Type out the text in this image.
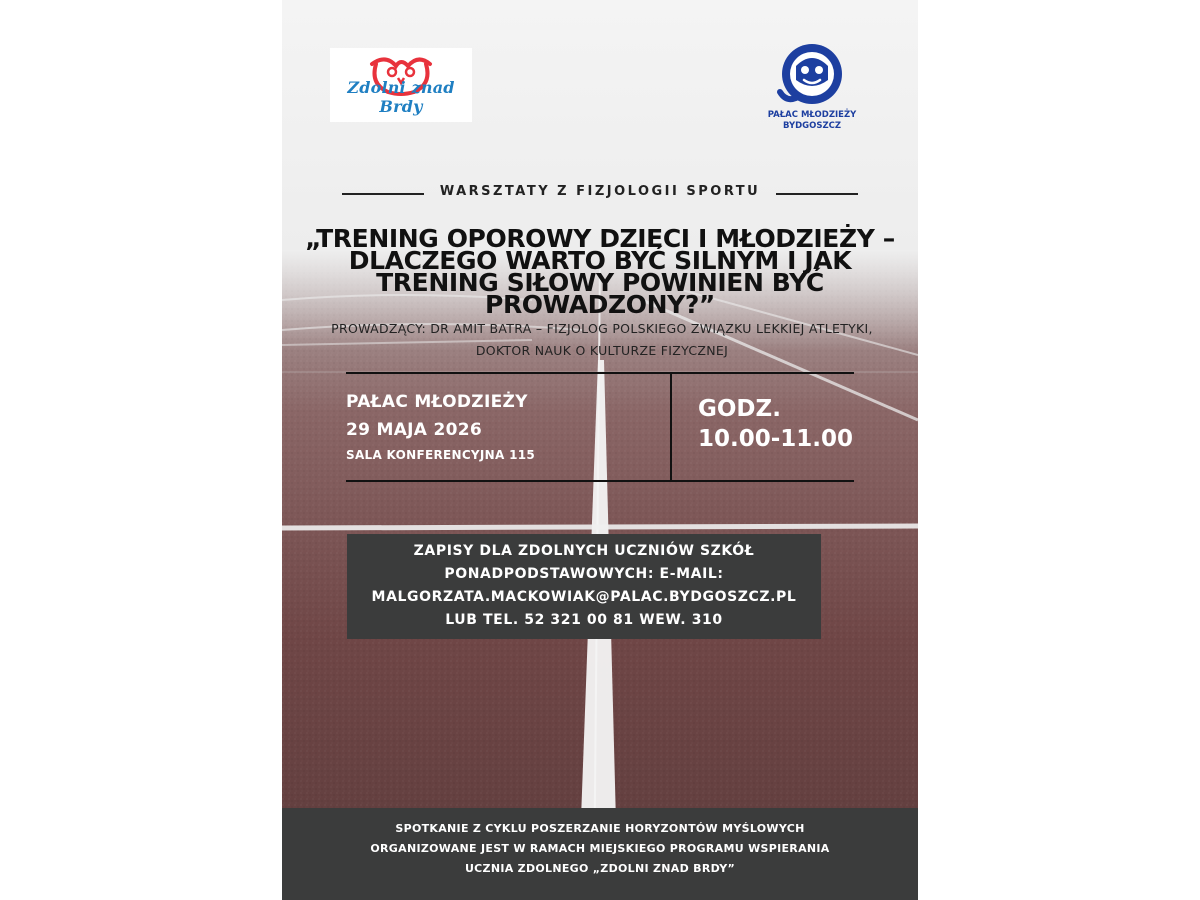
Zdolni znad Brdy	PAŁAC MŁODZIEŻY
BYDGOSZCZ
WARSZTATY Z FIZJOLOGII SPORTU
„TRENING OPOROWY DZIECI I MŁODZIEŻY –
DLACZEGO WARTO BYĆ SILNYM I JAK
TRENING SIŁOWY POWINIEN BYĆ
PROWADZONY?”
PROWADZĄCY: DR AMIT BATRA – FIZJOLOG POLSKIEGO ZWIĄZKU LEKKIEJ ATLETYKI,
DOKTOR NAUK O KULTURZE FIZYCZNEJ
PAŁAC MŁODZIEŻY
29 MAJA 2026
SALA KONFERENCYJNA 115
GODZ.
10.00-11.00
ZAPISY DLA ZDOLNYCH UCZNIÓW SZKÓŁ
PONADPODSTAWOWYCH: E-MAIL:
MALGORZATA.MACKOWIAK@PALAC.BYDGOSZCZ.PL
LUB TEL. 52 321 00 81 WEW. 310
SPOTKANIE Z CYKLU POSZERZANIE HORYZONTÓW MYŚLOWYCH
ORGANIZOWANE JEST W RAMACH MIEJSKIEGO PROGRAMU WSPIERANIA
UCZNIA ZDOLNEGO „ZDOLNI ZNAD BRDY”
